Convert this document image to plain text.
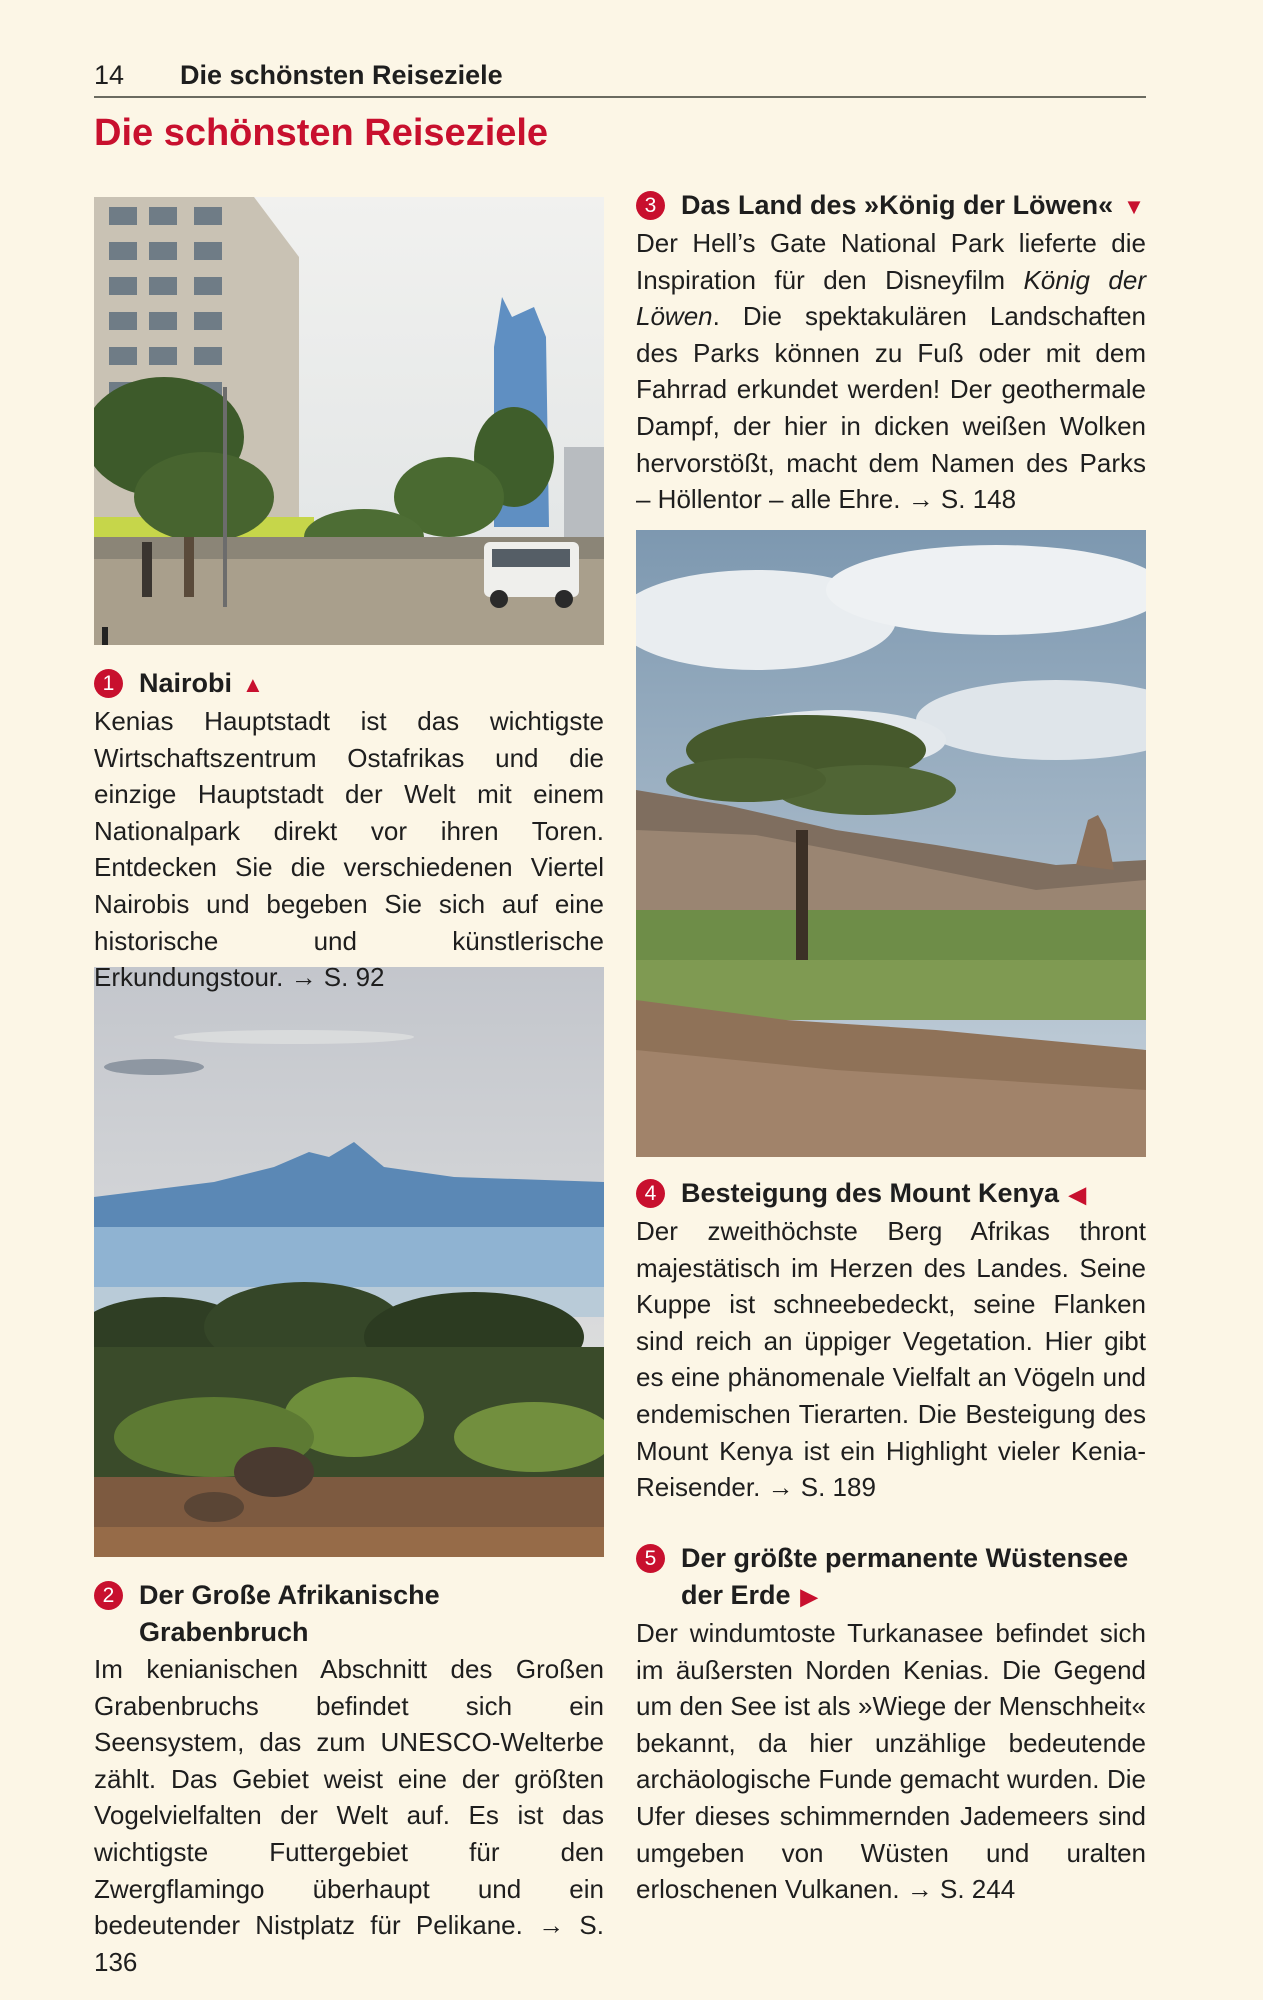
14 Die schönsten Reiseziele
Die schönsten Reiseziele
1 Nairobi ▲

Kenias Hauptstadt ist das wichtigste Wirtschaftszentrum Ostafrikas und die einzige Hauptstadt der Welt mit einem Nationalpark direkt vor ihren Toren. Entdecken Sie die verschiedenen Viertel Nairobis und begeben Sie sich auf eine historische und künstlerische Erkundungstour. → S. 92

2 Der Große Afrikanische Grabenbruch

Im kenianischen Abschnitt des Großen Grabenbruchs befindet sich ein Seensystem, das zum UNESCO-Welterbe zählt. Das Gebiet weist eine der größten Vogelvielfalten der Welt auf. Es ist das wichtigste Futtergebiet für den Zwergflamingo überhaupt und ein bedeutender Nistplatz für Pelikane. → S. 136

3 Das Land des »König der Löwen« ▼

Der Hell’s Gate National Park lieferte die Inspiration für den Disneyfilm König der Löwen. Die spektakulären Landschaften des Parks können zu Fuß oder mit dem Fahrrad erkundet werden! Der geothermale Dampf, der hier in dicken weißen Wolken hervorstößt, macht dem Namen des Parks – Höllentor – alle Ehre. → S. 148

4 Besteigung des Mount Kenya ◀

Der zweithöchste Berg Afrikas thront majestätisch im Herzen des Landes. Seine Kuppe ist schneebedeckt, seine Flanken sind reich an üppiger Vegetation. Hier gibt es eine phänomenale Vielfalt an Vögeln und endemischen Tierarten. Die Besteigung des Mount Kenya ist ein Highlight vieler Kenia-Reisender. → S. 189

5 Der größte permanente Wüstensee der Erde ▶

Der windumtoste Turkanasee befindet sich im äußersten Norden Kenias. Die Gegend um den See ist als »Wiege der Menschheit« bekannt, da hier unzählige bedeutende archäologische Funde gemacht wurden. Die Ufer dieses schimmernden Jademeers sind umgeben von Wüsten und uralten erloschenen Vulkanen. → S. 244
